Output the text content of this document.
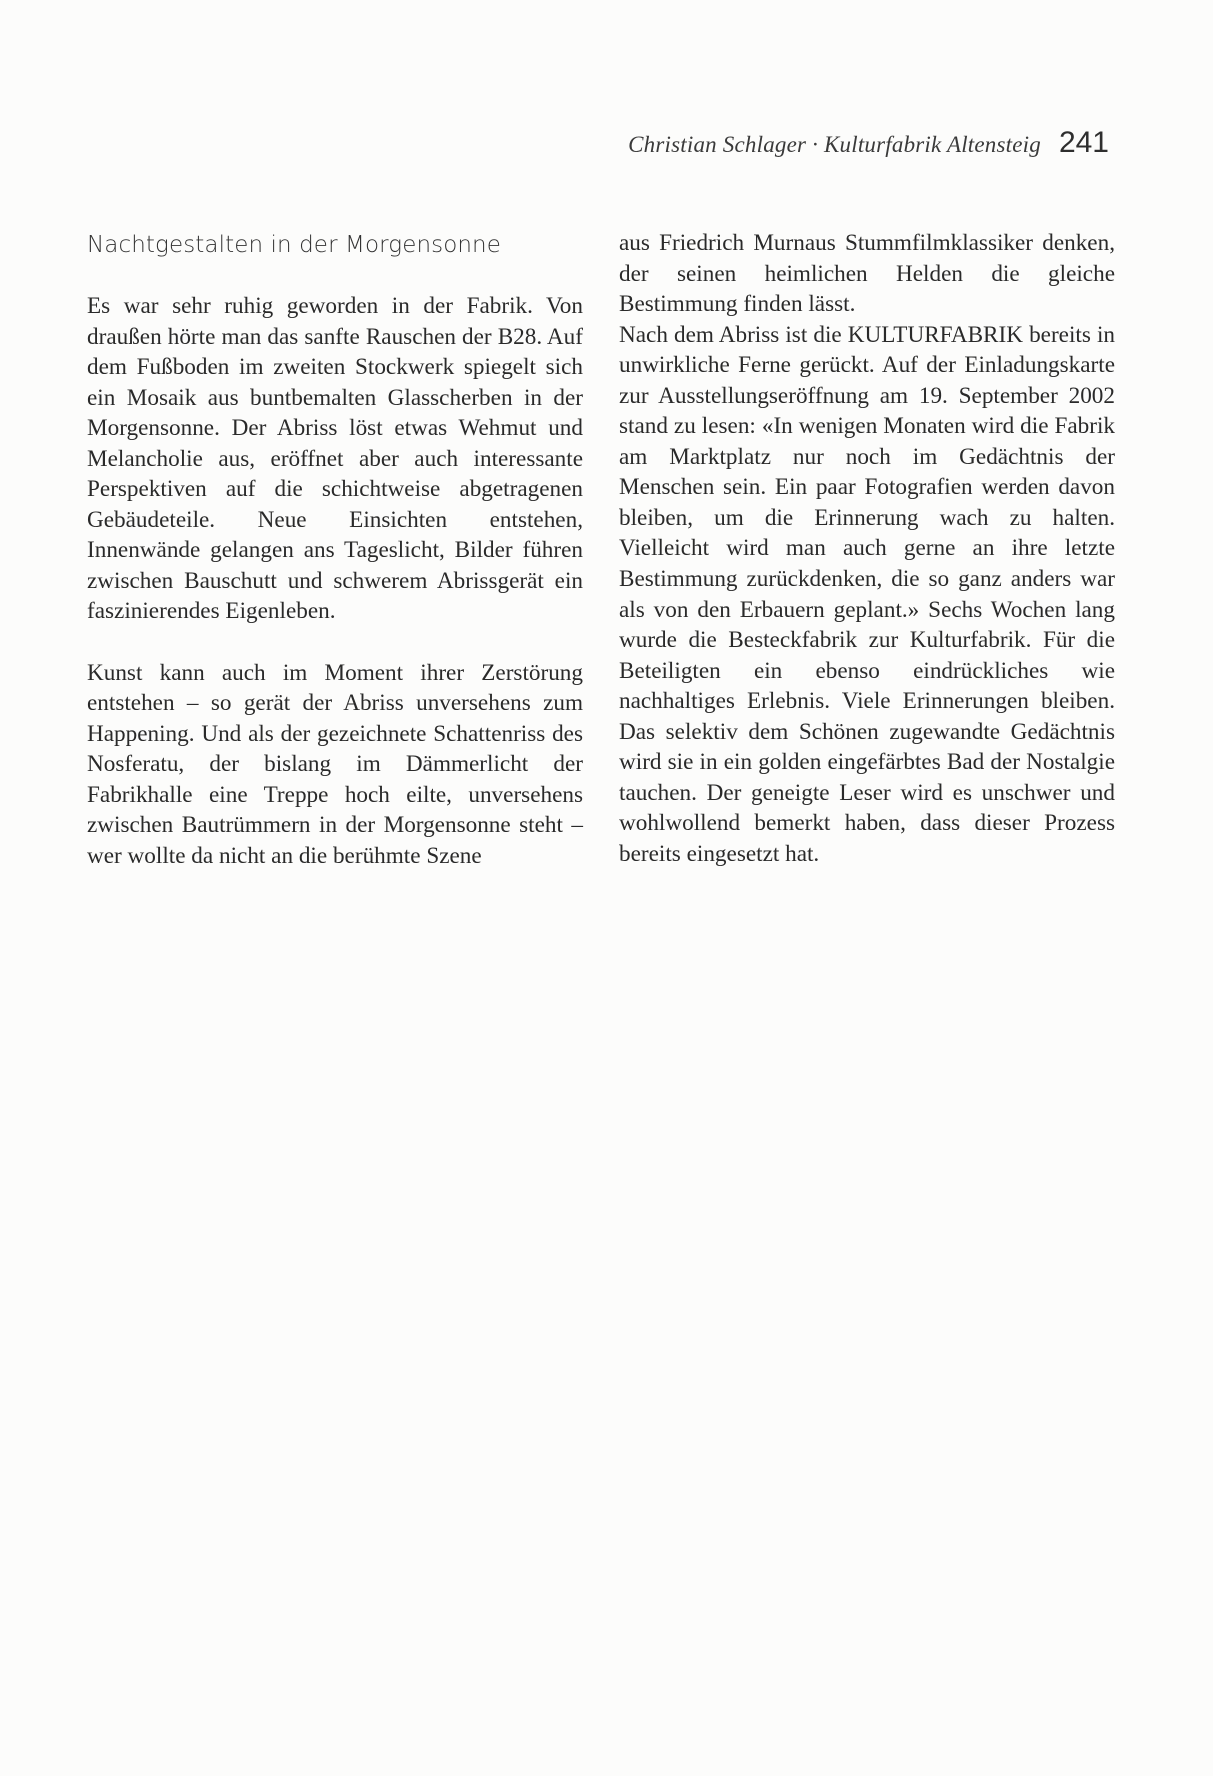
Christian Schlager · Kulturfabrik Altensteig 241
Nachtgestalten in der Morgensonne

Es war sehr ruhig geworden in der Fabrik. Von draußen hörte man das sanfte Rauschen der B28. Auf dem Fußboden im zweiten Stockwerk spiegelt sich ein Mosaik aus buntbemalten Glasscherben in der Morgensonne. Der Abriss löst etwas Wehmut und Melancholie aus, eröffnet aber auch interessante Perspektiven auf die schichtweise abgetragenen Gebäudeteile. Neue Einsichten entstehen, Innenwände gelangen ans Tageslicht, Bilder führen zwischen Bauschutt und schwerem Abrissgerät ein faszinierendes Eigenleben.

Kunst kann auch im Moment ihrer Zerstörung entstehen – so gerät der Abriss unversehens zum Happening. Und als der gezeichnete Schattenriss des Nosferatu, der bislang im Dämmerlicht der Fabrikhalle eine Treppe hoch eilte, unversehens zwischen Bautrümmern in der Morgensonne steht – wer wollte da nicht an die berühmte Szene

aus Friedrich Murnaus Stummfilmklassiker denken, der seinen heimlichen Helden die gleiche Bestimmung finden lässt.

Nach dem Abriss ist die KULTURFABRIK bereits in unwirkliche Ferne gerückt. Auf der Einladungskarte zur Ausstellungseröffnung am 19. September 2002 stand zu lesen: «In wenigen Monaten wird die Fabrik am Marktplatz nur noch im Gedächtnis der Menschen sein. Ein paar Fotografien werden davon bleiben, um die Erinnerung wach zu halten. Vielleicht wird man auch gerne an ihre letzte Bestimmung zurückdenken, die so ganz anders war als von den Erbauern geplant.» Sechs Wochen lang wurde die Besteckfabrik zur Kulturfabrik. Für die Beteiligten ein ebenso eindrückliches wie nachhaltiges Erlebnis. Viele Erinnerungen bleiben. Das selektiv dem Schönen zugewandte Gedächtnis wird sie in ein golden eingefärbtes Bad der Nostalgie tauchen. Der geneigte Leser wird es unschwer und wohlwollend bemerkt haben, dass dieser Prozess bereits eingesetzt hat.
